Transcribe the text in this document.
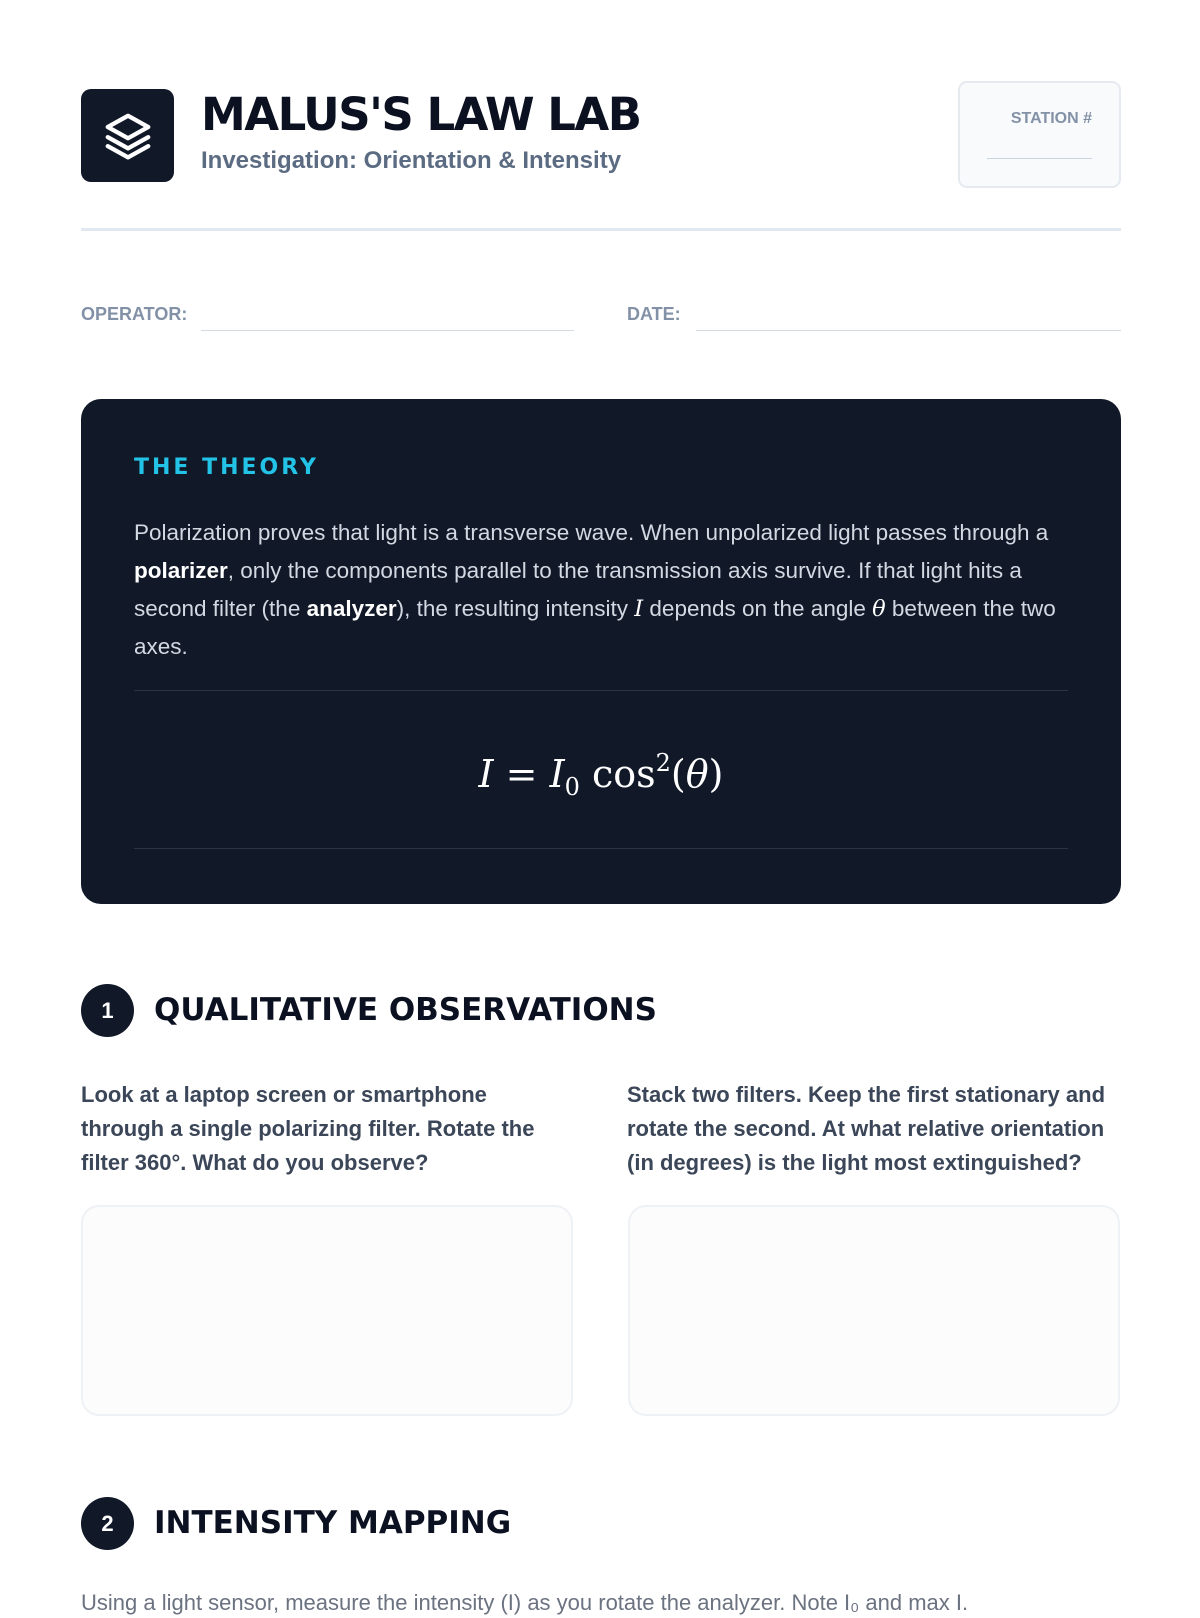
MALUS'S LAW LAB
Investigation: Orientation & Intensity
STATION #
OPERATOR:	DATE:
THE THEORY
Polarization proves that light is a transverse wave. When unpolarized light passes through a polarizer, only the components parallel to the transmission axis survive. If that light hits a second filter (the analyzer), the resulting intensity I depends on the angle θ between the two axes.
$I = I_0$ $\cos^2(\theta)$
1	QUALITATIVE OBSERVATIONS
Look at a laptop screen or smartphone through a single polarizing filter. Rotate the filter 360°. What do you observe?
Stack two filters. Keep the first stationary and rotate the second. At what relative orientation (in degrees) is the light most extinguished?
2	INTENSITY MAPPING
Using a light sensor, measure the intensity (I) as you rotate the analyzer. Note I₀ and max I.
